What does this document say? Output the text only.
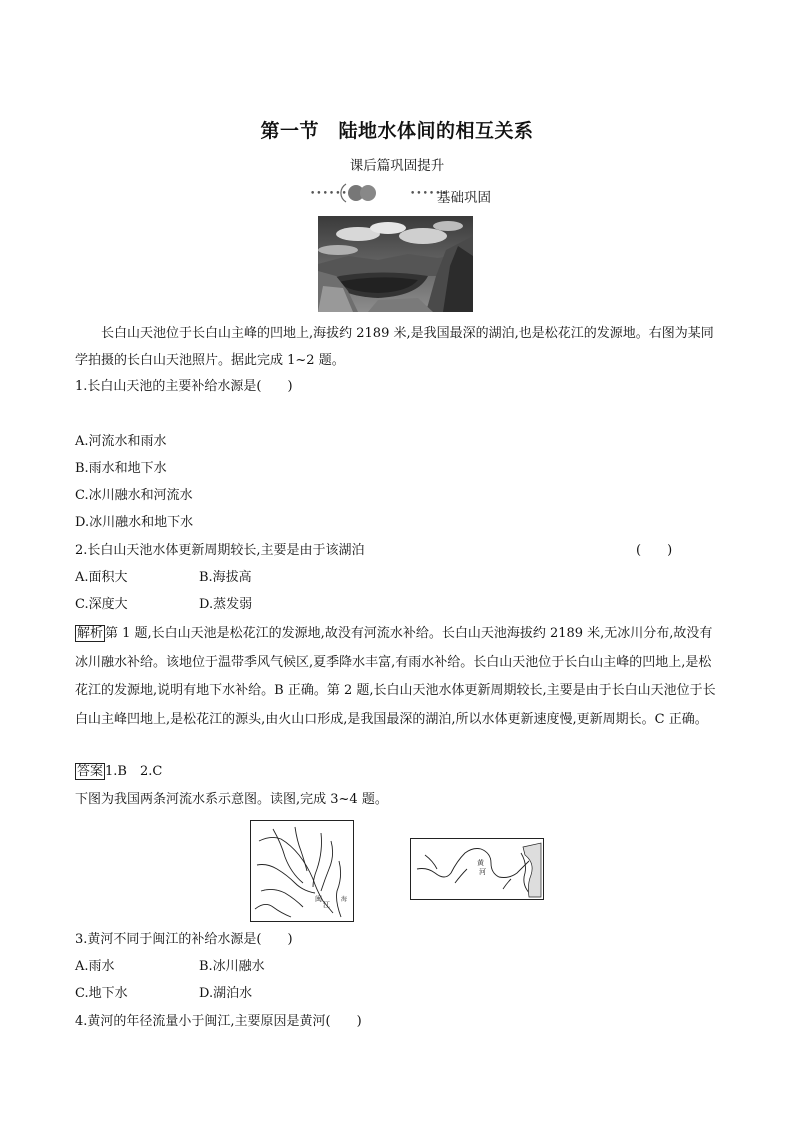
第一节　陆地水体间的相互关系
课后篇巩固提升
••••••	••••••
基础巩固
长白山天池位于长白山主峰的凹地上,海拔约 2189 米,是我国最深的湖泊,也是松花江的发源地。右图为某同学拍摄的长白山天池照片。据此完成 1~2 题。
1.长白山天池的主要补给水源是(　　)
A.河流水和雨水
B.雨水和地下水
C.冰川融水和河流水
D.冰川融水和地下水
2.长白山天池水体更新周期较长,主要是由于该湖泊	(　　)
A.面积大	B.海拔高
C.深度大	D.蒸发弱
解析 第 1 题,长白山天池是松花江的发源地,故没有河流水补给。长白山天池海拔约 2189 米,无冰川分布,故没有冰川融水补给。该地位于温带季风气候区,夏季降水丰富,有雨水补给。长白山天池位于长白山主峰的凹地上,是松花江的发源地,说明有地下水补给。B 正确。第 2 题,长白山天池水体更新周期较长,主要是由于长白山天池位于长白山主峰凹地上,是松花江的源头,由火山口形成,是我国最深的湖泊,所以水体更新速度慢,更新周期长。C 正确。
答案 1.B　2.C
下图为我国两条河流水系示意图。读图,完成 3~4 题。
闽
江
海
黄
河
3.黄河不同于闽江的补给水源是(　　)
A.雨水	B.冰川融水
C.地下水	D.湖泊水
4.黄河的年径流量小于闽江,主要原因是黄河(　　)
